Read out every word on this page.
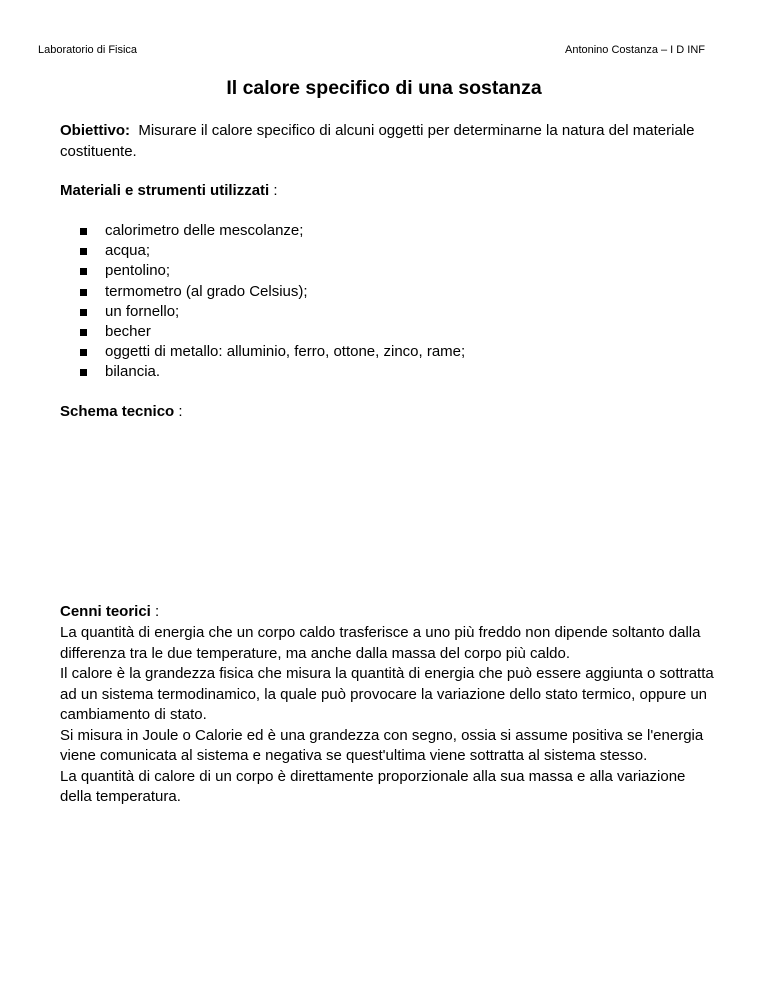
Laboratorio di Fisica	Antonino Costanza – I D INF
Il calore specifico di una sostanza

Obiettivo: Misurare il calore specifico di alcuni oggetti per determinarne la natura del materiale costituente.

Materiali e strumenti utilizzati :

calorimetro delle mescolanze;
acqua;
pentolino;
termometro (al grado Celsius);
un fornello;
becher
oggetti di metallo: alluminio, ferro, ottone, zinco, rame;
bilancia.

Schema tecnico :

Cenni teorici :

La quantità di energia che un corpo caldo trasferisce a uno più freddo non dipende soltanto dalla differenza tra le due temperature, ma anche dalla massa del corpo più caldo.
Il calore è la grandezza fisica che misura la quantità di energia che può essere aggiunta o sottratta ad un sistema termodinamico, la quale può provocare la variazione dello stato termico, oppure un cambiamento di stato.
Si misura in Joule o Calorie ed è una grandezza con segno, ossia si assume positiva se l'energia viene comunicata al sistema e negativa se quest'ultima viene sottratta al sistema stesso.
La quantità di calore di un corpo è direttamente proporzionale alla sua massa e alla variazione della temperatura.
